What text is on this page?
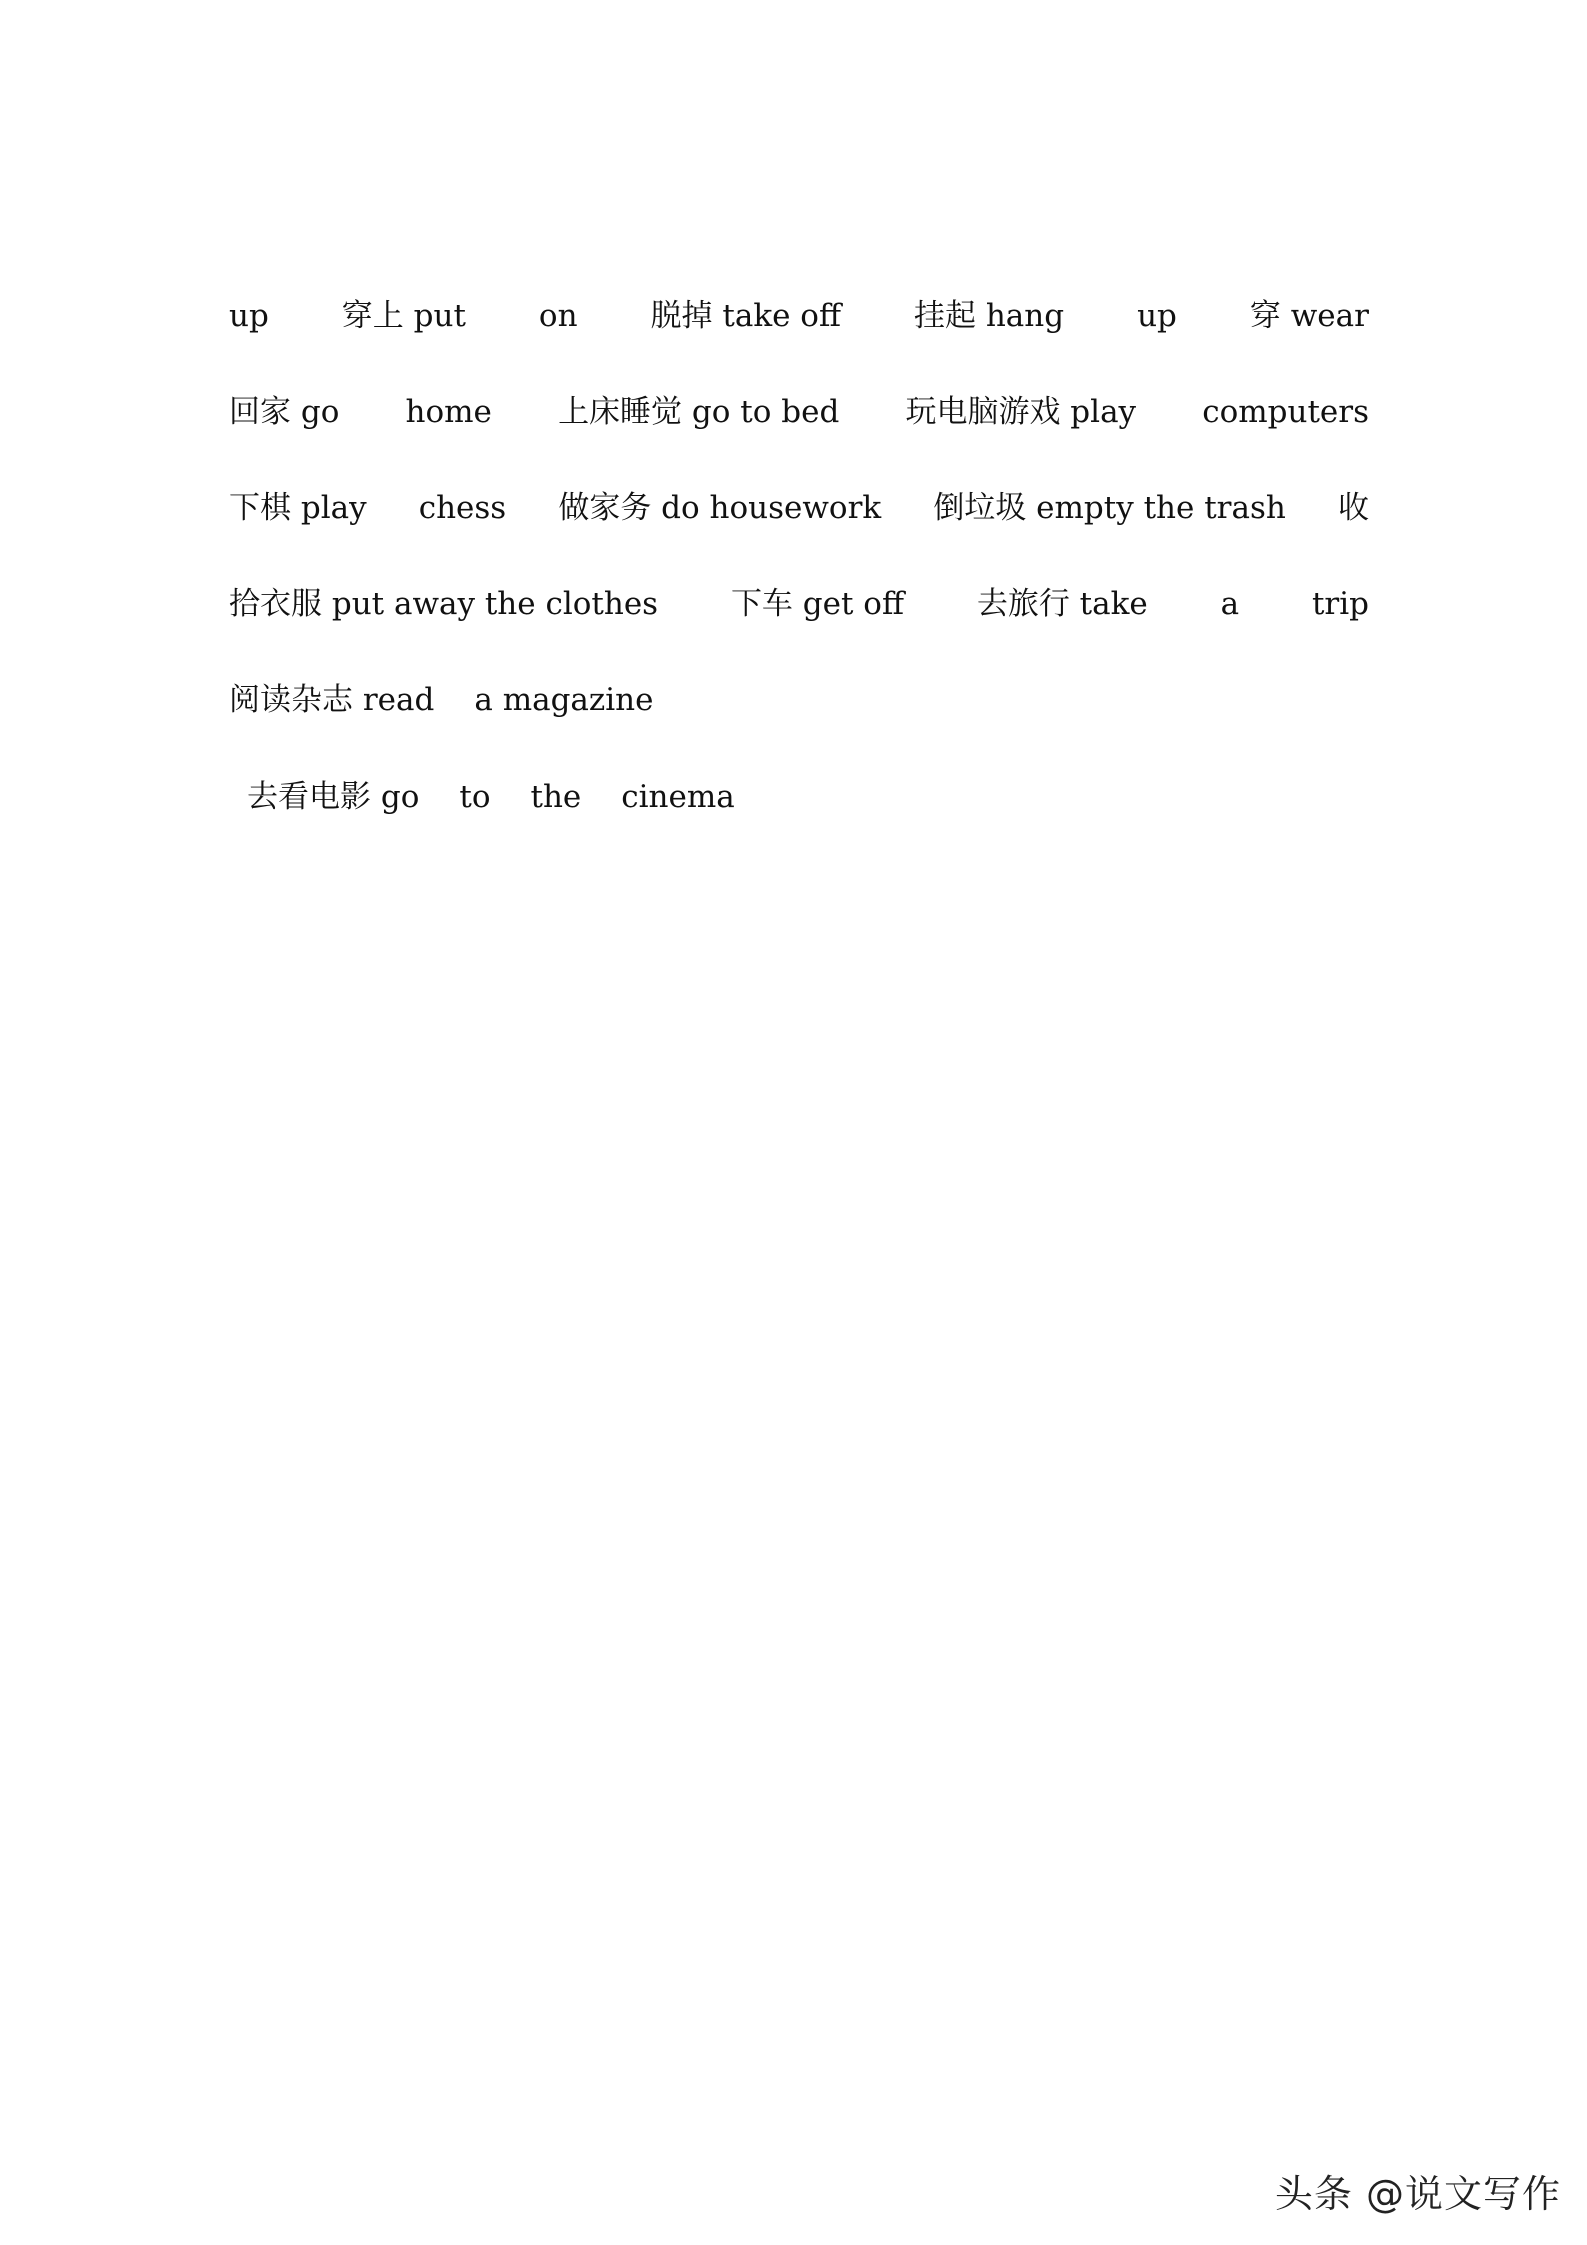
up 穿上 put on 脱掉 take off 挂起 hang up 穿 wear
回家 go home 上床睡觉 go to bed 玩电脑游戏 play computers
下棋 play chess 做家务 do housework 倒垃圾 empty the trash 收
拾衣服 put away the clothes 下车 get off 去旅行 take a trip
阅读杂志 read a magazine
去看电影 go to the cinema
头条 @说文写作
